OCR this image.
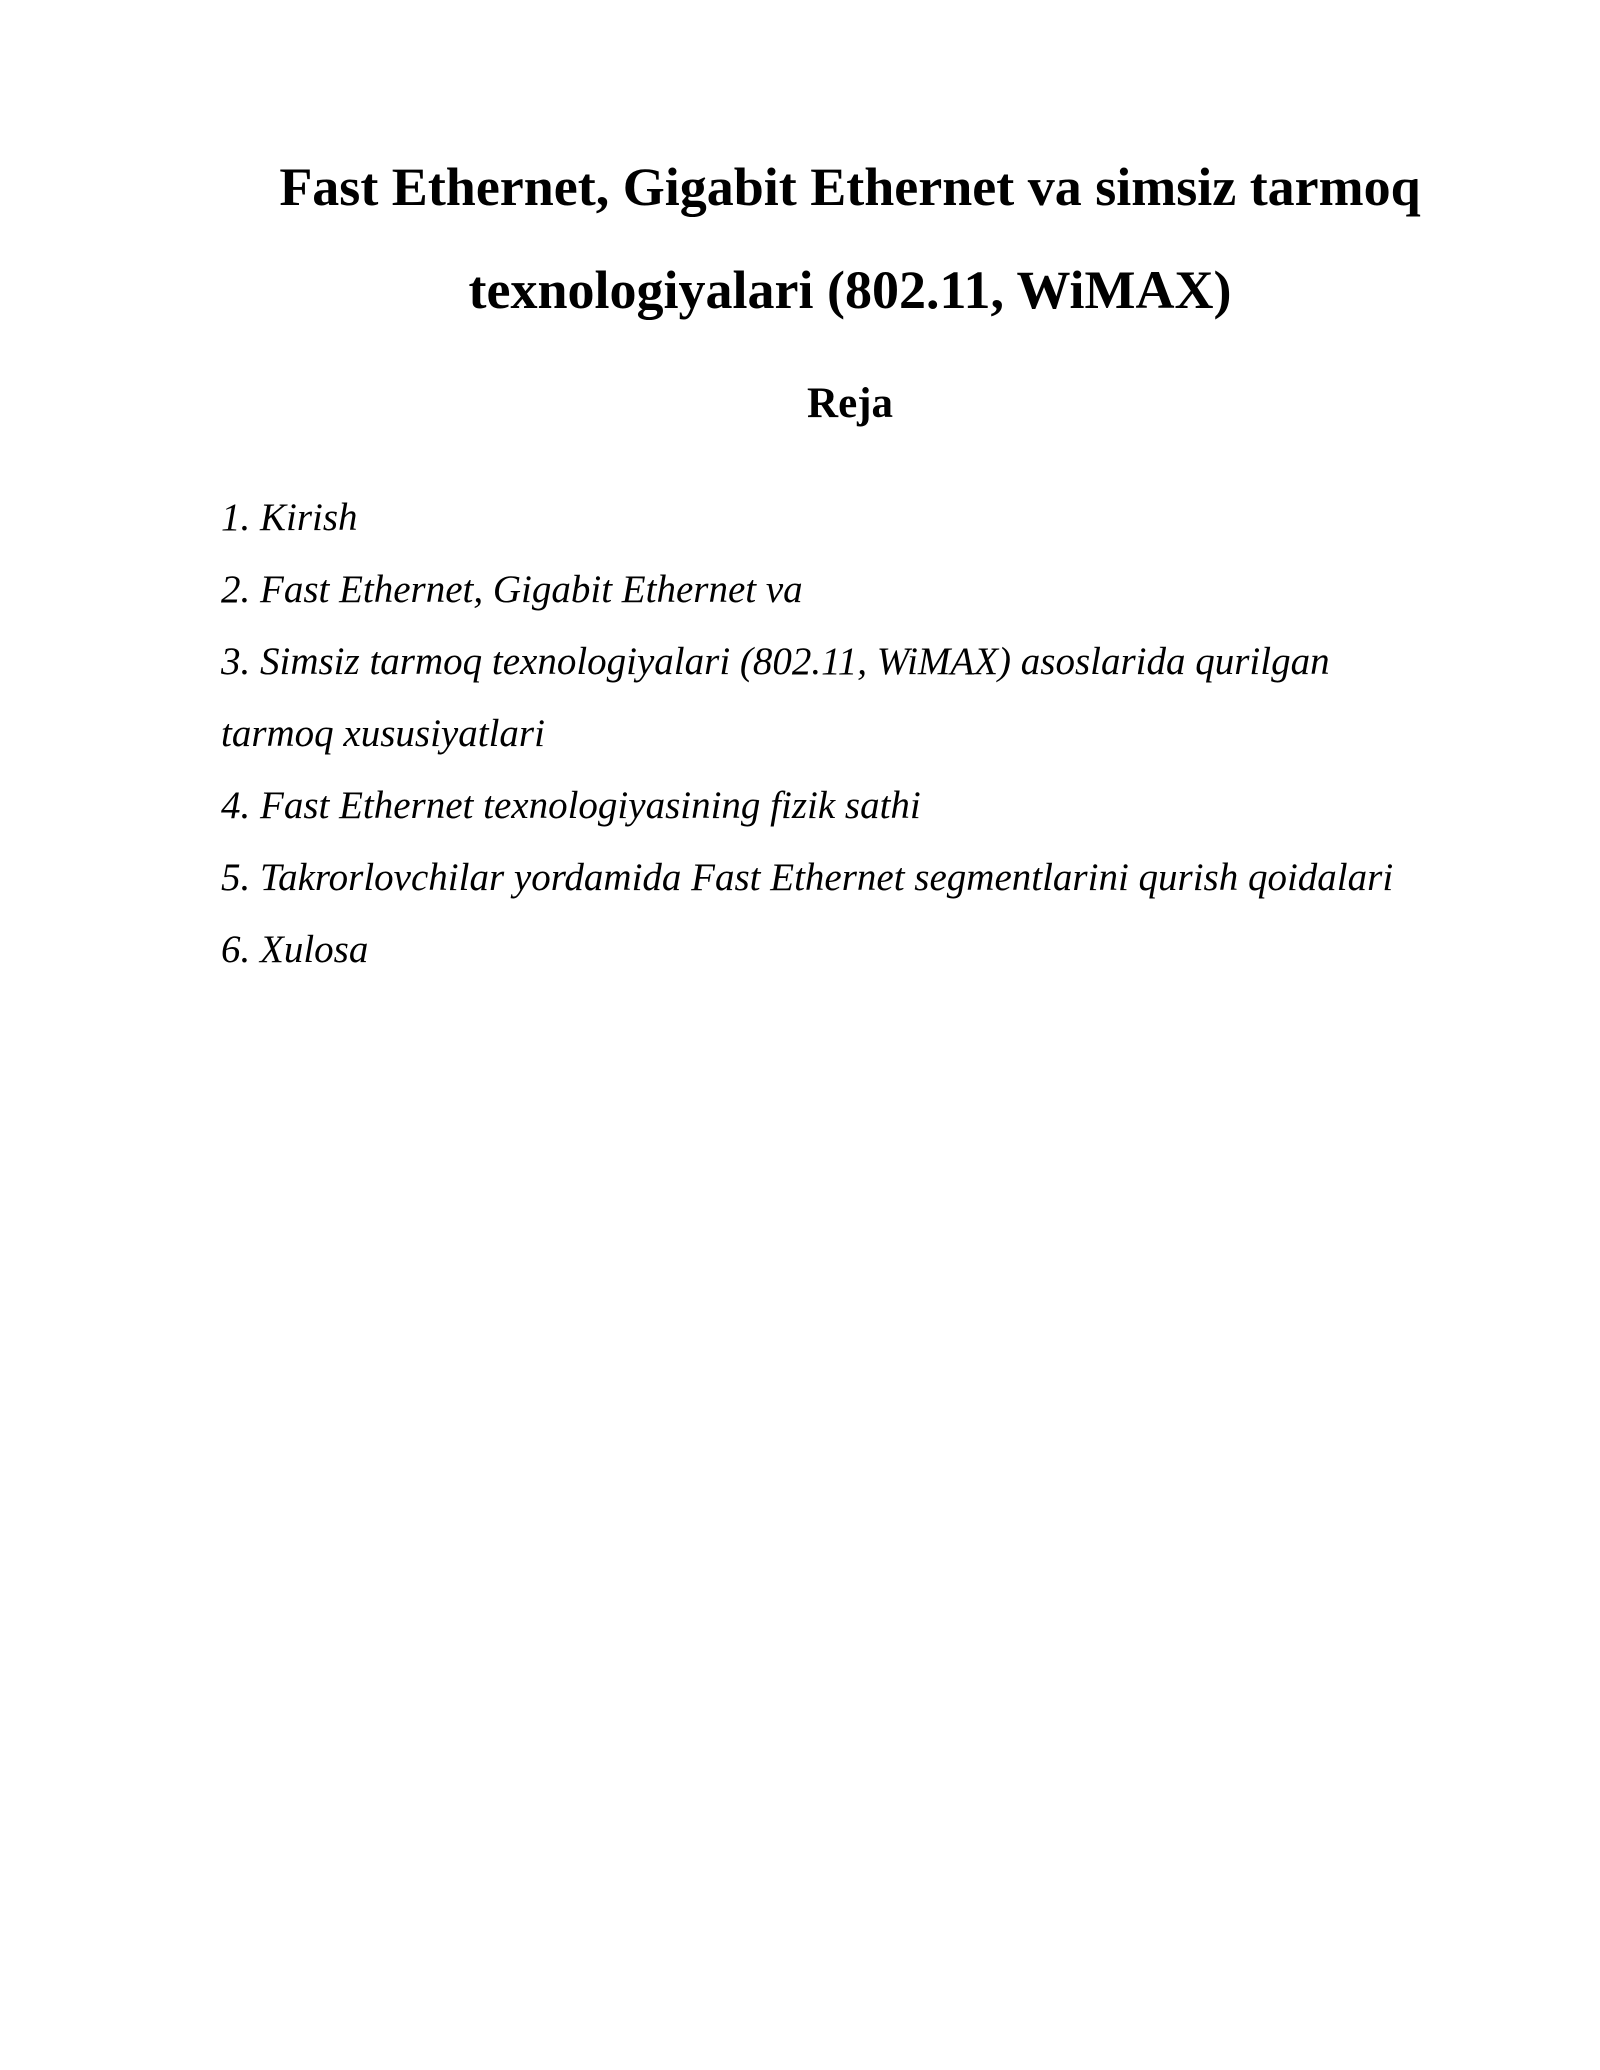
Fast Ethernet, Gigabit Ethernet va simsiz tarmoq
texnologiyalari (802.11, WiMAX)
Reja
1. Kirish
2. Fast Ethernet, Gigabit Ethernet va
3. Simsiz tarmoq texnologiyalari (802.11, WiMAX) asoslarida qurilgan
tarmoq xususiyatlari
4. Fast Ethernet texnologiyasining fizik sathi
5. Takrorlovchilar yordamida Fast Ethernet segmentlarini qurish qoidalari
6. Xulosa
